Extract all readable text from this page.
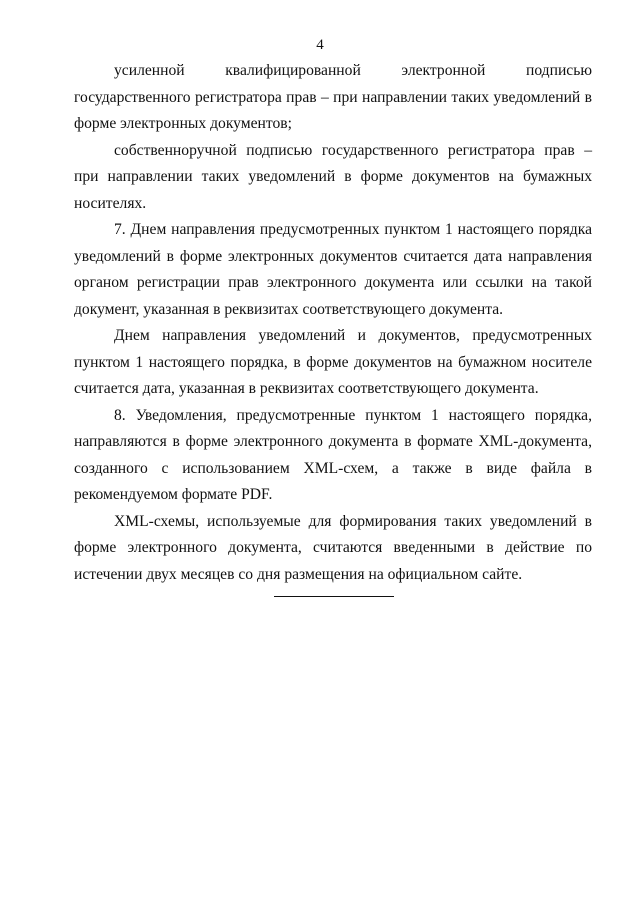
4

усиленной квалифицированной электронной подписью государственного регистратора прав – при направлении таких уведомлений в форме электронных документов;

собственноручной подписью государственного регистратора прав – при направлении таких уведомлений в форме документов на бумажных носителях.

7. Днем направления предусмотренных пунктом 1 настоящего порядка уведомлений в форме электронных документов считается дата направления органом регистрации прав электронного документа или ссылки на такой документ, указанная в реквизитах соответствующего документа.

Днем направления уведомлений и документов, предусмотренных пунктом 1 настоящего порядка, в форме документов на бумажном носителе считается дата, указанная в реквизитах соответствующего документа.

8. Уведомления, предусмотренные пунктом 1 настоящего порядка, направляются в форме электронного документа в формате XML-документа, созданного с использованием XML-схем, а также в виде файла в рекомендуемом формате PDF.

XML-схемы, используемые для формирования таких уведомлений в форме электронного документа, считаются введенными в действие по истечении двух месяцев со дня размещения на официальном сайте.
